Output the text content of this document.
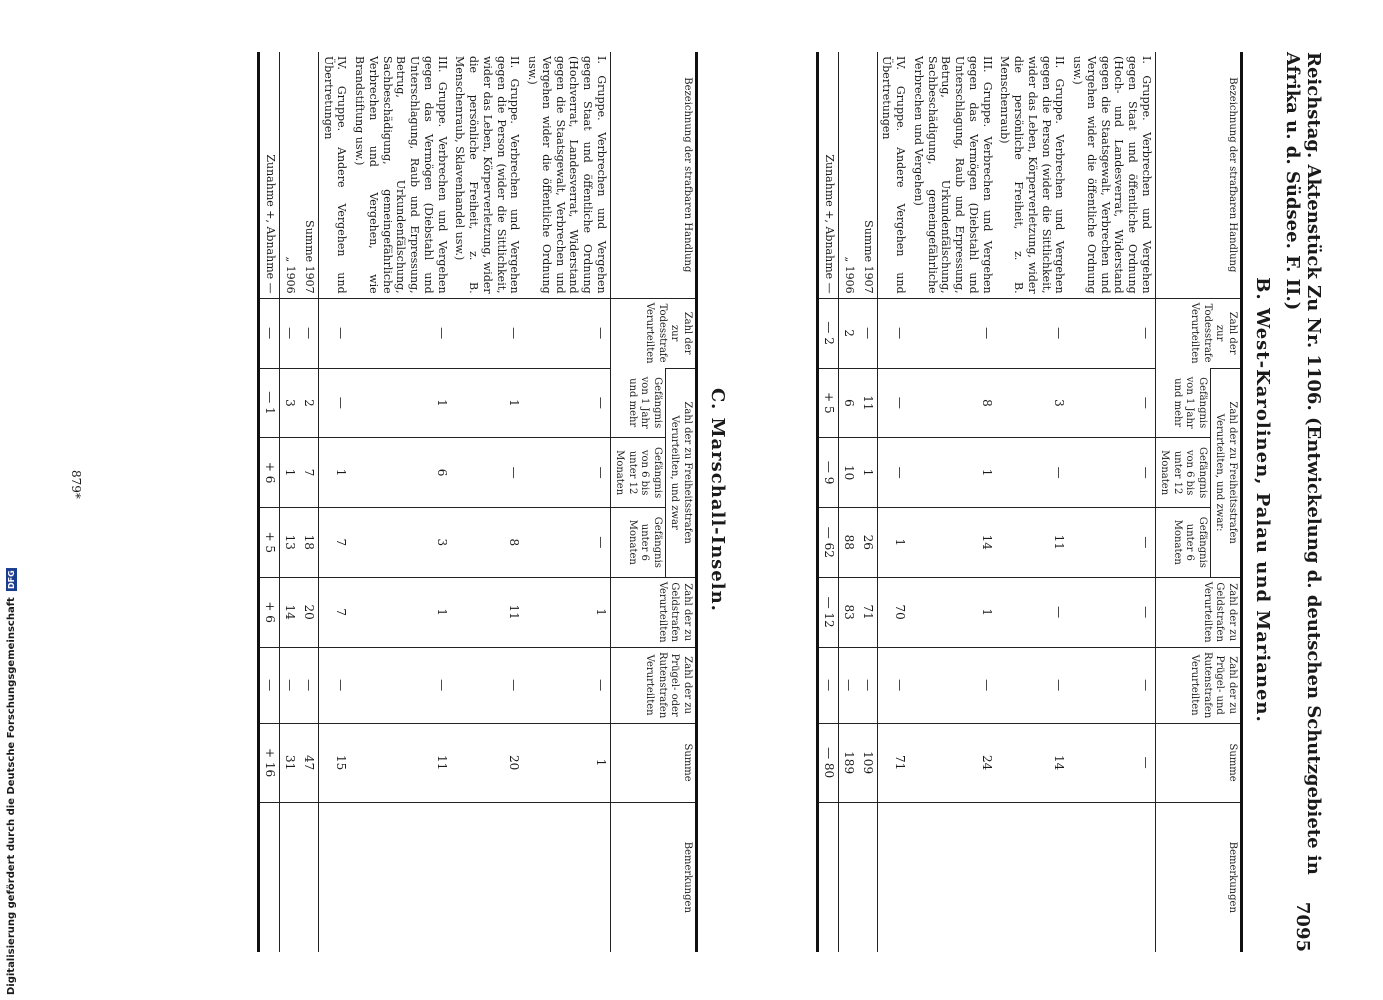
Reichstag. Aktenstück Zu Nr. 1106. (Entwickelung d. deutschen Schutzgebiete in Afrika u. d. Südsee. F. II.)
7095
B. West-Karolinen, Palau und Marianen.
Bezeichnung der strafbaren Handlung	Zahl der zur Todesstrafe Verurteilten	Zahl der zu Freiheitsstrafen Verurteilten, und zwar:			Zahl der zu Geldstrafen Verurteilten	Zahl der zu Prügel- und Rutenstrafen Verurteilten	Summe	Bemerkungen
		Gefängnis von 1 Jahr und mehr	Gefängnis von 6 bis unter 12 Monaten	Gefängnis unter 6 Monaten				
I. Gruppe. Verbrechen und Vergehen gegen Staat und öffentliche Ordnung (Hoch- und Landesverrat, Widerstand gegen die Staatsgewalt, Verbrechen und Vergehen wider die öffentliche Ordnung usw.)	—	—	—	—	—	—	—	
II. Gruppe. Verbrechen und Vergehen gegen die Person (wider die Sittlichkeit, wider das Leben, Körperverletzung, wider die persönliche Freiheit, z. B. Menschenraub)	—	3	—	11	—	—	14	
III. Gruppe. Verbrechen und Vergehen gegen das Vermögen (Diebstahl und Unterschlagung, Raub und Erpressung, Betrug, Urkundenfälschung, Sachbeschädigung, gemeingefährliche Verbrechen und Vergehen)	—	8	1	14	1	—	24	
IV. Gruppe. Andere Vergehen und Übertretungen	—	—	—	1	70	—	71	
Summe 1907	—	11	1	26	71	—	109	
„ 1906	2	6	10	88	83	—	189	
Zunahme +, Abnahme —	— 2	+ 5	— 9	— 62	— 12	—	— 80	
C. Marschall-Inseln.
Bezeichnung der strafbaren Handlung	Zahl der zur Todesstrafe Verurteilten	Zahl der zu Freiheitsstrafen Verurteilten, und zwar			Zahl der zu Geldstrafen Verurteilten	Zahl der zu Prügel- oder Rutenstrafen Verurteilten	Summe	Bemerkungen
		Gefängnis von 1 Jahr und mehr	Gefängnis von 6 bis unter 12 Monaten	Gefängnis unter 6 Monaten				
I. Gruppe. Verbrechen und Vergehen gegen Staat und öffentliche Ordnung (Hochverrat, Landesverrat, Widerstand gegen die Staatsgewalt, Verbrechen und Vergehen wider die öffentliche Ordnung usw.)	—	—	—	—	1	—	1	
II. Gruppe. Verbrechen und Vergehen gegen die Person (wider die Sittlichkeit, wider das Leben, Körperverletzung, wider die persönliche Freiheit, z. B. Menschenraub, Sklavenhandel usw.)	—	1	—	8	11	—	20	
III. Gruppe. Verbrechen und Vergehen gegen das Vermögen (Diebstahl und Unterschlagung, Raub und Erpressung, Betrug, Urkundenfälschung, Sachbeschädigung, gemeingefährliche Verbrechen und Vergehen, wie Brandstiftung usw.)	—	1	6	3	1	—	11	
IV. Gruppe. Andere Vergehen und Übertretungen	—	—	1	7	7	—	15	
Summe 1907	—	2	7	18	20	—	47	
„ 1906	—	3	1	13	14	—	31	
Zunahme +, Abnahme —	—	— 1	+ 6	+ 5	+ 6	—	+ 16	
879*
Digitalisierung gefördert durch die Deutsche Forschungsgemeinschaft DFG
